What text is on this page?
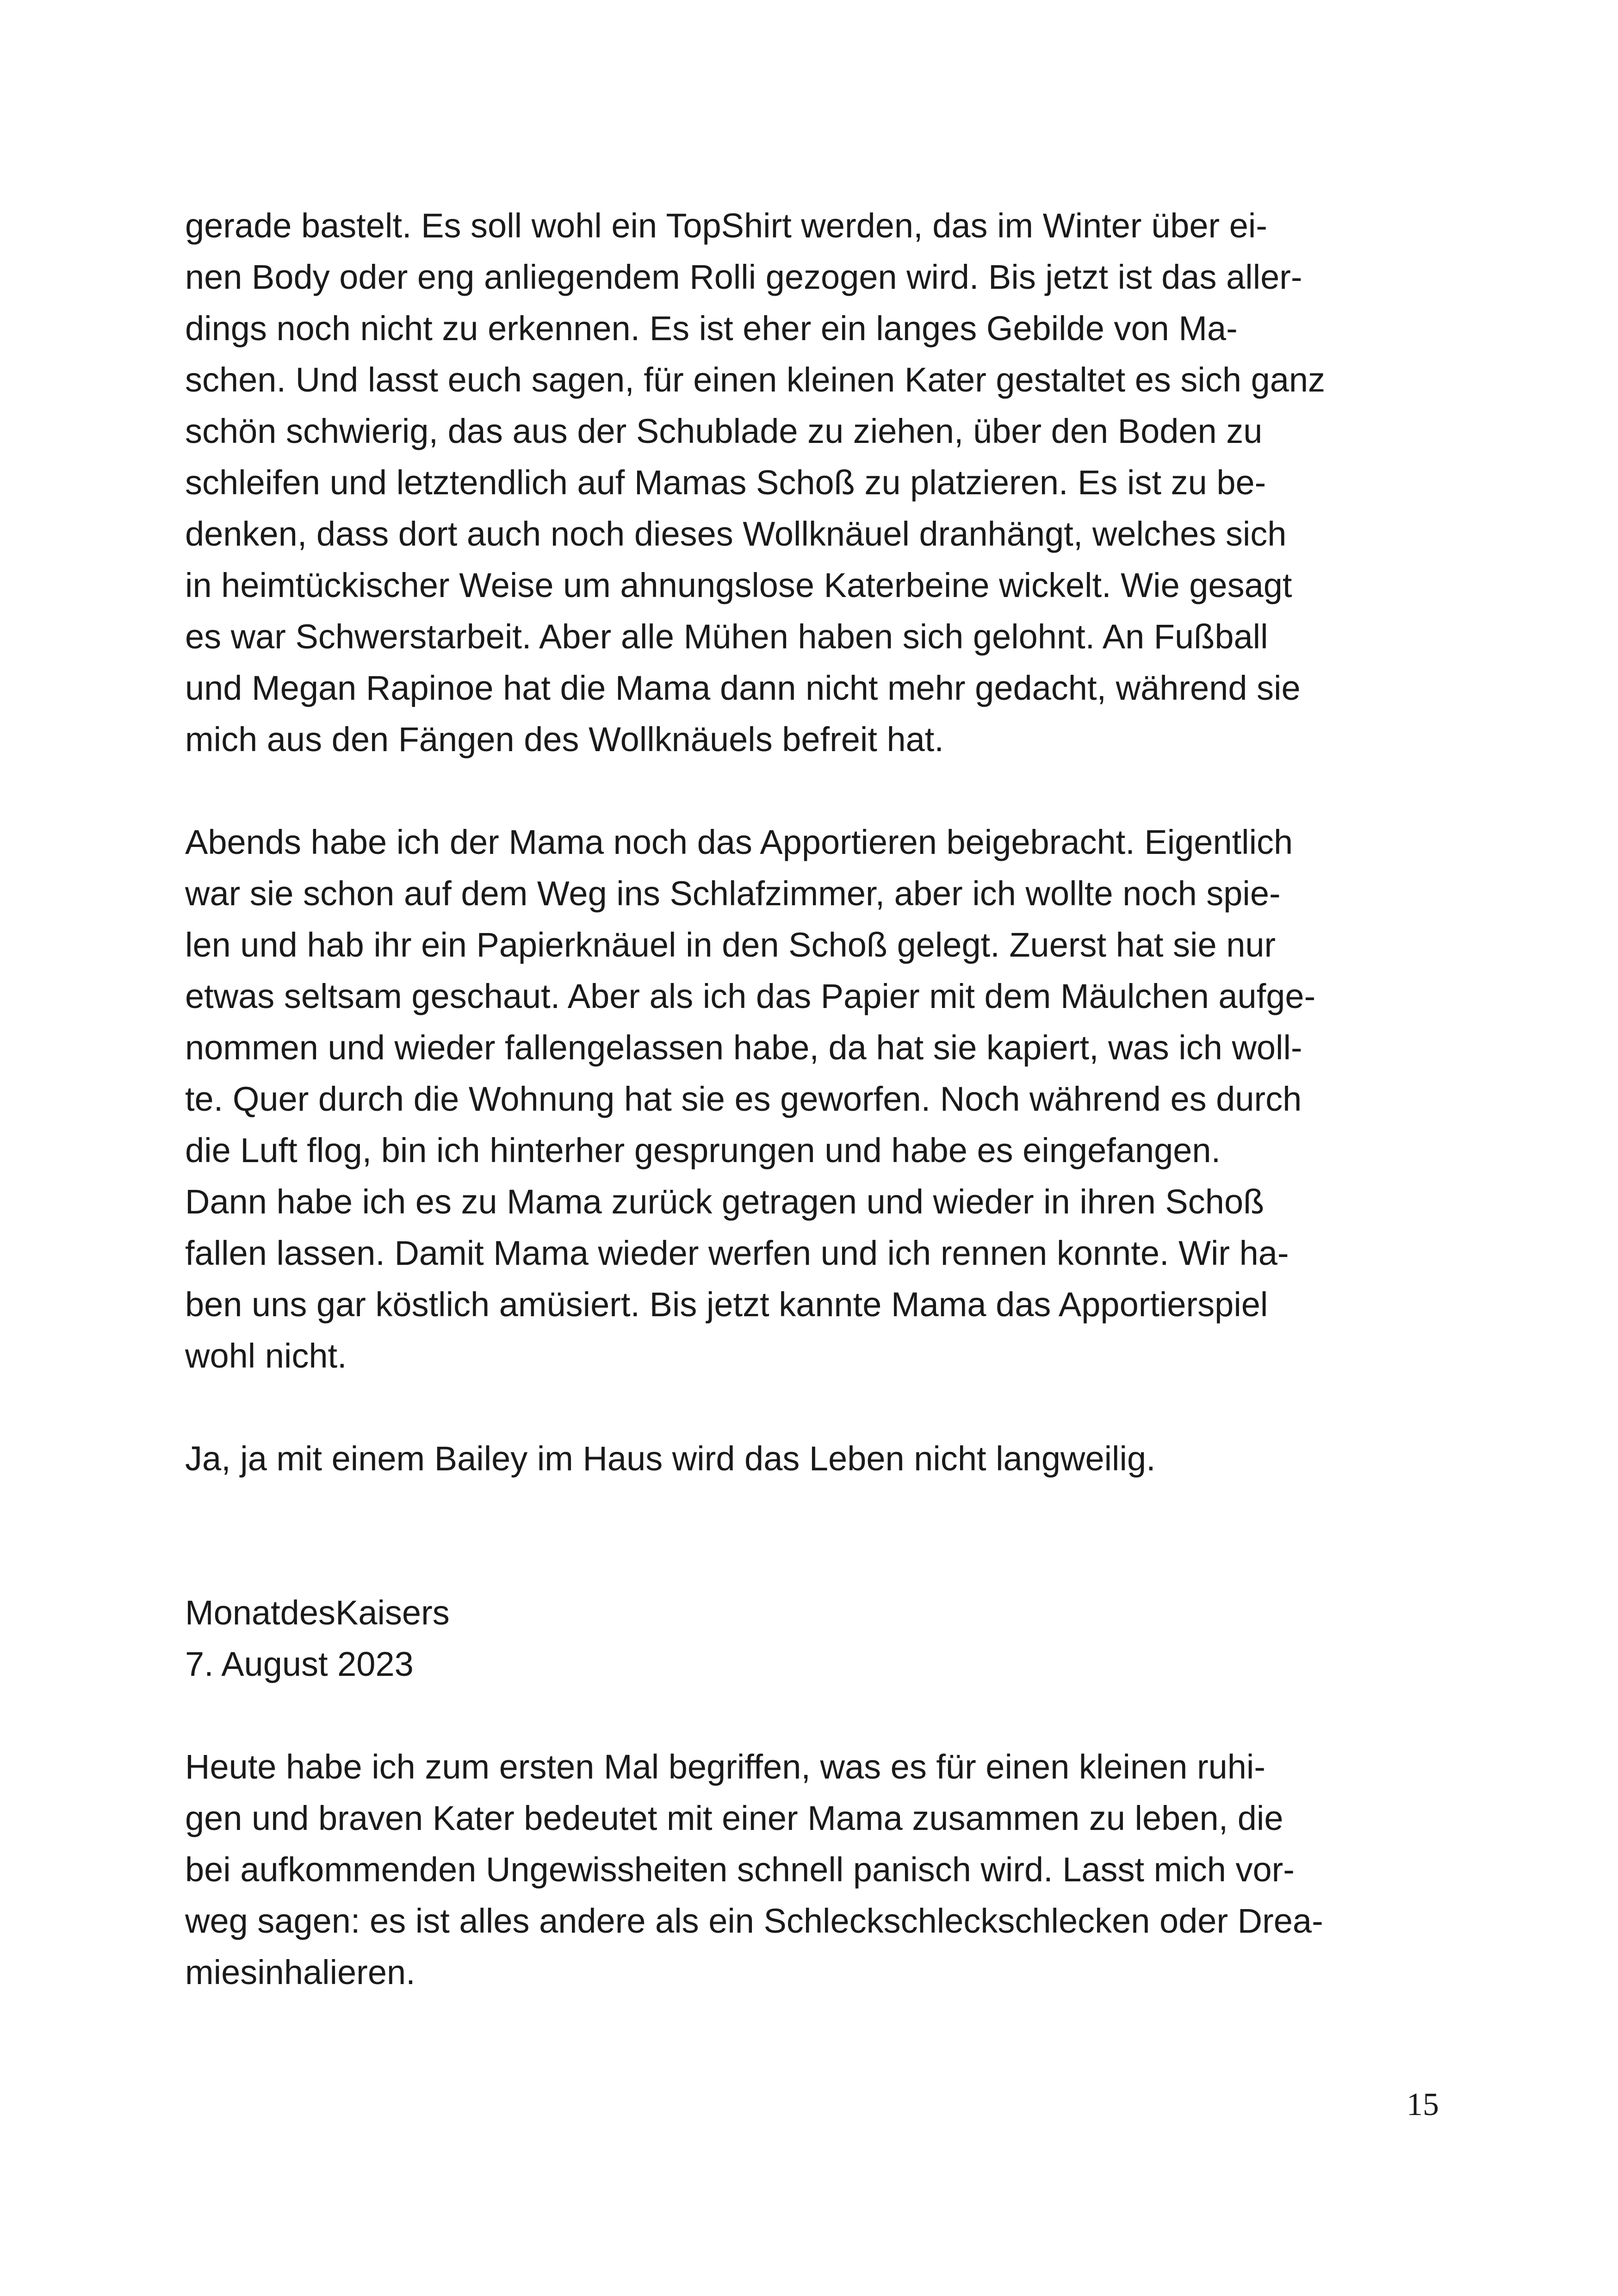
gerade bastelt. Es soll wohl ein TopShirt werden, das im Winter über ei-
nen Body oder eng anliegendem Rolli gezogen wird. Bis jetzt ist das aller-
dings noch nicht zu erkennen. Es ist eher ein langes Gebilde von Ma-
schen. Und lasst euch sagen, für einen kleinen Kater gestaltet es sich ganz
schön schwierig, das aus der Schublade zu ziehen, über den Boden zu
schleifen und letztendlich auf Mamas Schoß zu platzieren. Es ist zu be-
denken, dass dort auch noch dieses Wollknäuel dranhängt, welches sich
in heimtückischer Weise um ahnungslose Katerbeine wickelt. Wie gesagt
es war Schwerstarbeit. Aber alle Mühen haben sich gelohnt. An Fußball
und Megan Rapinoe hat die Mama dann nicht mehr gedacht, während sie
mich aus den Fängen des Wollknäuels befreit hat.

Abends habe ich der Mama noch das Apportieren beigebracht. Eigentlich
war sie schon auf dem Weg ins Schlafzimmer, aber ich wollte noch spie-
len und hab ihr ein Papierknäuel in den Schoß gelegt. Zuerst hat sie nur
etwas seltsam geschaut. Aber als ich das Papier mit dem Mäulchen aufge-
nommen und wieder fallengelassen habe, da hat sie kapiert, was ich woll-
te. Quer durch die Wohnung hat sie es geworfen. Noch während es durch
die Luft flog, bin ich hinterher gesprungen und habe es eingefangen.
Dann habe ich es zu Mama zurück getragen und wieder in ihren Schoß
fallen lassen. Damit Mama wieder werfen und ich rennen konnte. Wir ha-
ben uns gar köstlich amüsiert. Bis jetzt kannte Mama das Apportierspiel
wohl nicht.

Ja, ja mit einem Bailey im Haus wird das Leben nicht langweilig.

MonatdesKaisers
7. August 2023

Heute habe ich zum ersten Mal begriffen, was es für einen kleinen ruhi-
gen und braven Kater bedeutet mit einer Mama zusammen zu leben, die
bei aufkommenden Ungewissheiten schnell panisch wird. Lasst mich vor-
weg sagen: es ist alles andere als ein Schleckschleckschlecken oder Drea-
miesinhalieren.

15
